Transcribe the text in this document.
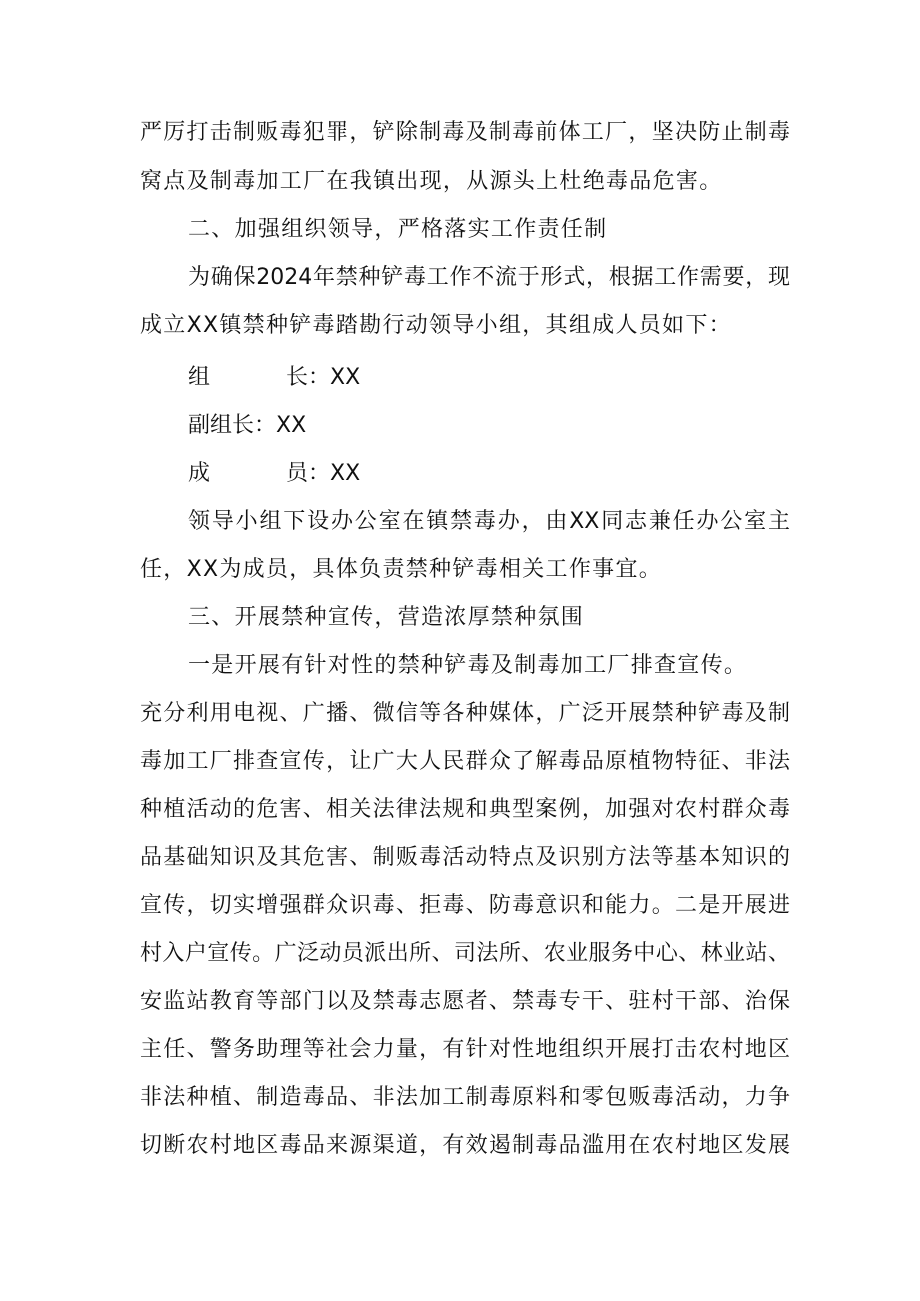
严厉打击制贩毒犯罪，铲除制毒及制毒前体工厂，坚决防止制毒
窝点及制毒加工厂在我镇出现，从源头上杜绝毒品危害。
二、加强组织领导，严格落实工作责任制
为确保2024年禁种铲毒工作不流于形式，根据工作需要，现
成立XX镇禁种铲毒踏勘行动领导小组，其组成人员如下：
组	长：XX
副组长：XX
成	员：XX
领导小组下设办公室在镇禁毒办，由XX同志兼任办公室主
任，XX为成员，具体负责禁种铲毒相关工作事宜。
三、开展禁种宣传，营造浓厚禁种氛围
一是开展有针对性的禁种铲毒及制毒加工厂排查宣传。
充分利用电视、广播、微信等各种媒体，广泛开展禁种铲毒及制
毒加工厂排查宣传，让广大人民群众了解毒品原植物特征、非法
种植活动的危害、相关法律法规和典型案例，加强对农村群众毒
品基础知识及其危害、制贩毒活动特点及识别方法等基本知识的
宣传，切实增强群众识毒、拒毒、防毒意识和能力。二是开展进
村入户宣传。广泛动员派出所、司法所、农业服务中心、林业站、
安监站教育等部门以及禁毒志愿者、禁毒专干、驻村干部、治保
主任、警务助理等社会力量，有针对性地组织开展打击农村地区
非法种植、制造毒品、非法加工制毒原料和零包贩毒活动，力争
切断农村地区毒品来源渠道，有效遏制毒品滥用在农村地区发展
